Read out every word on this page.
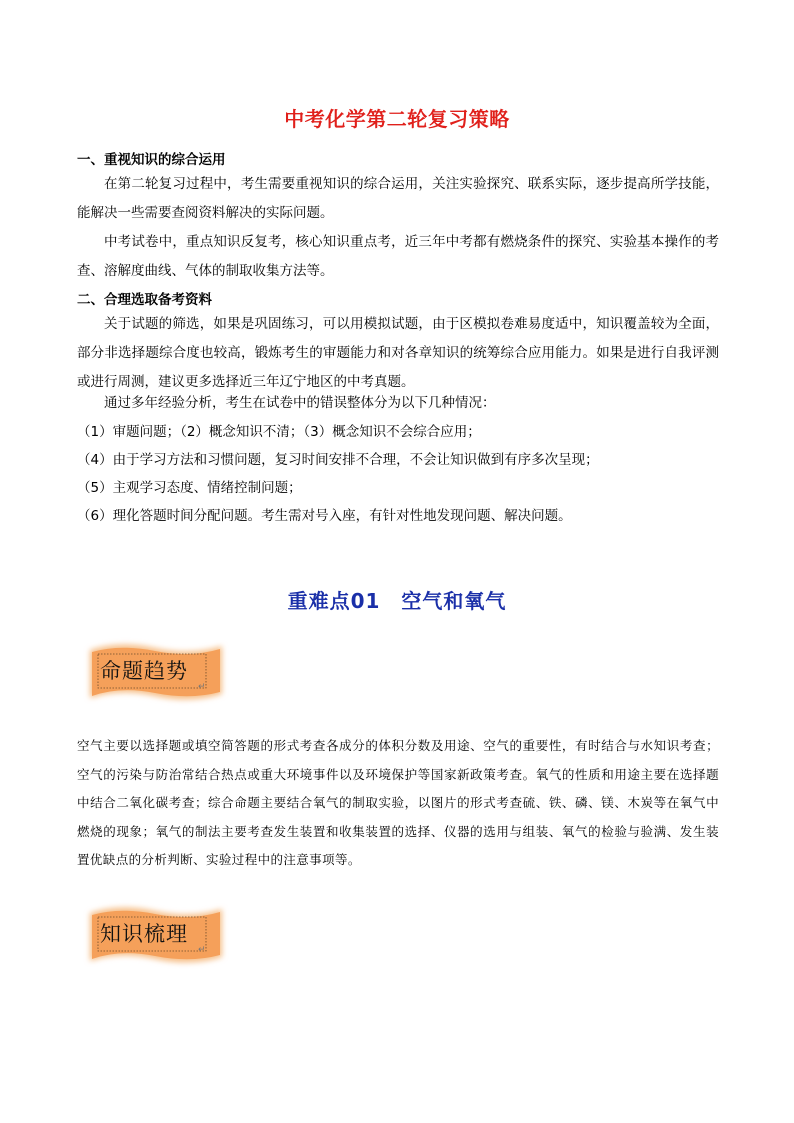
中考化学第二轮复习策略
一、重视知识的综合运用
在第二轮复习过程中，考生需要重视知识的综合运用，关注实验探究、联系实际，逐步提高所学技能，能解决一些需要查阅资料解决的实际问题。
中考试卷中，重点知识反复考，核心知识重点考，近三年中考都有燃烧条件的探究、实验基本操作的考查、溶解度曲线、气体的制取收集方法等。
二、合理选取备考资料
关于试题的筛选，如果是巩固练习，可以用模拟试题，由于区模拟卷难易度适中，知识覆盖较为全面，部分非选择题综合度也较高，锻炼考生的审题能力和对各章知识的统筹综合应用能力。如果是进行自我评测或进行周测，建议更多选择近三年辽宁地区的中考真题。
通过多年经验分析，考生在试卷中的错误整体分为以下几种情况：
（1）审题问题；（2）概念知识不清；（3）概念知识不会综合应用；
（4）由于学习方法和习惯问题，复习时间安排不合理，不会让知识做到有序多次呈现；
（5）主观学习态度、情绪控制问题；
（6）理化答题时间分配问题。考生需对号入座，有针对性地发现问题、解决问题。
重难点01　空气和氧气
命题趋势
↵
空气主要以选择题或填空简答题的形式考查各成分的体积分数及用途、空气的重要性，有时结合与水知识考查；空气的污染与防治常结合热点或重大环境事件以及环境保护等国家新政策考查。氧气的性质和用途主要在选择题中结合二氧化碳考查；综合命题主要结合氧气的制取实验，以图片的形式考查硫、铁、磷、镁、木炭等在氧气中燃烧的现象；氧气的制法主要考查发生装置和收集装置的选择、仪器的选用与组装、氧气的检验与验满、发生装置优缺点的分析判断、实验过程中的注意事项等。
知识梳理
↵
